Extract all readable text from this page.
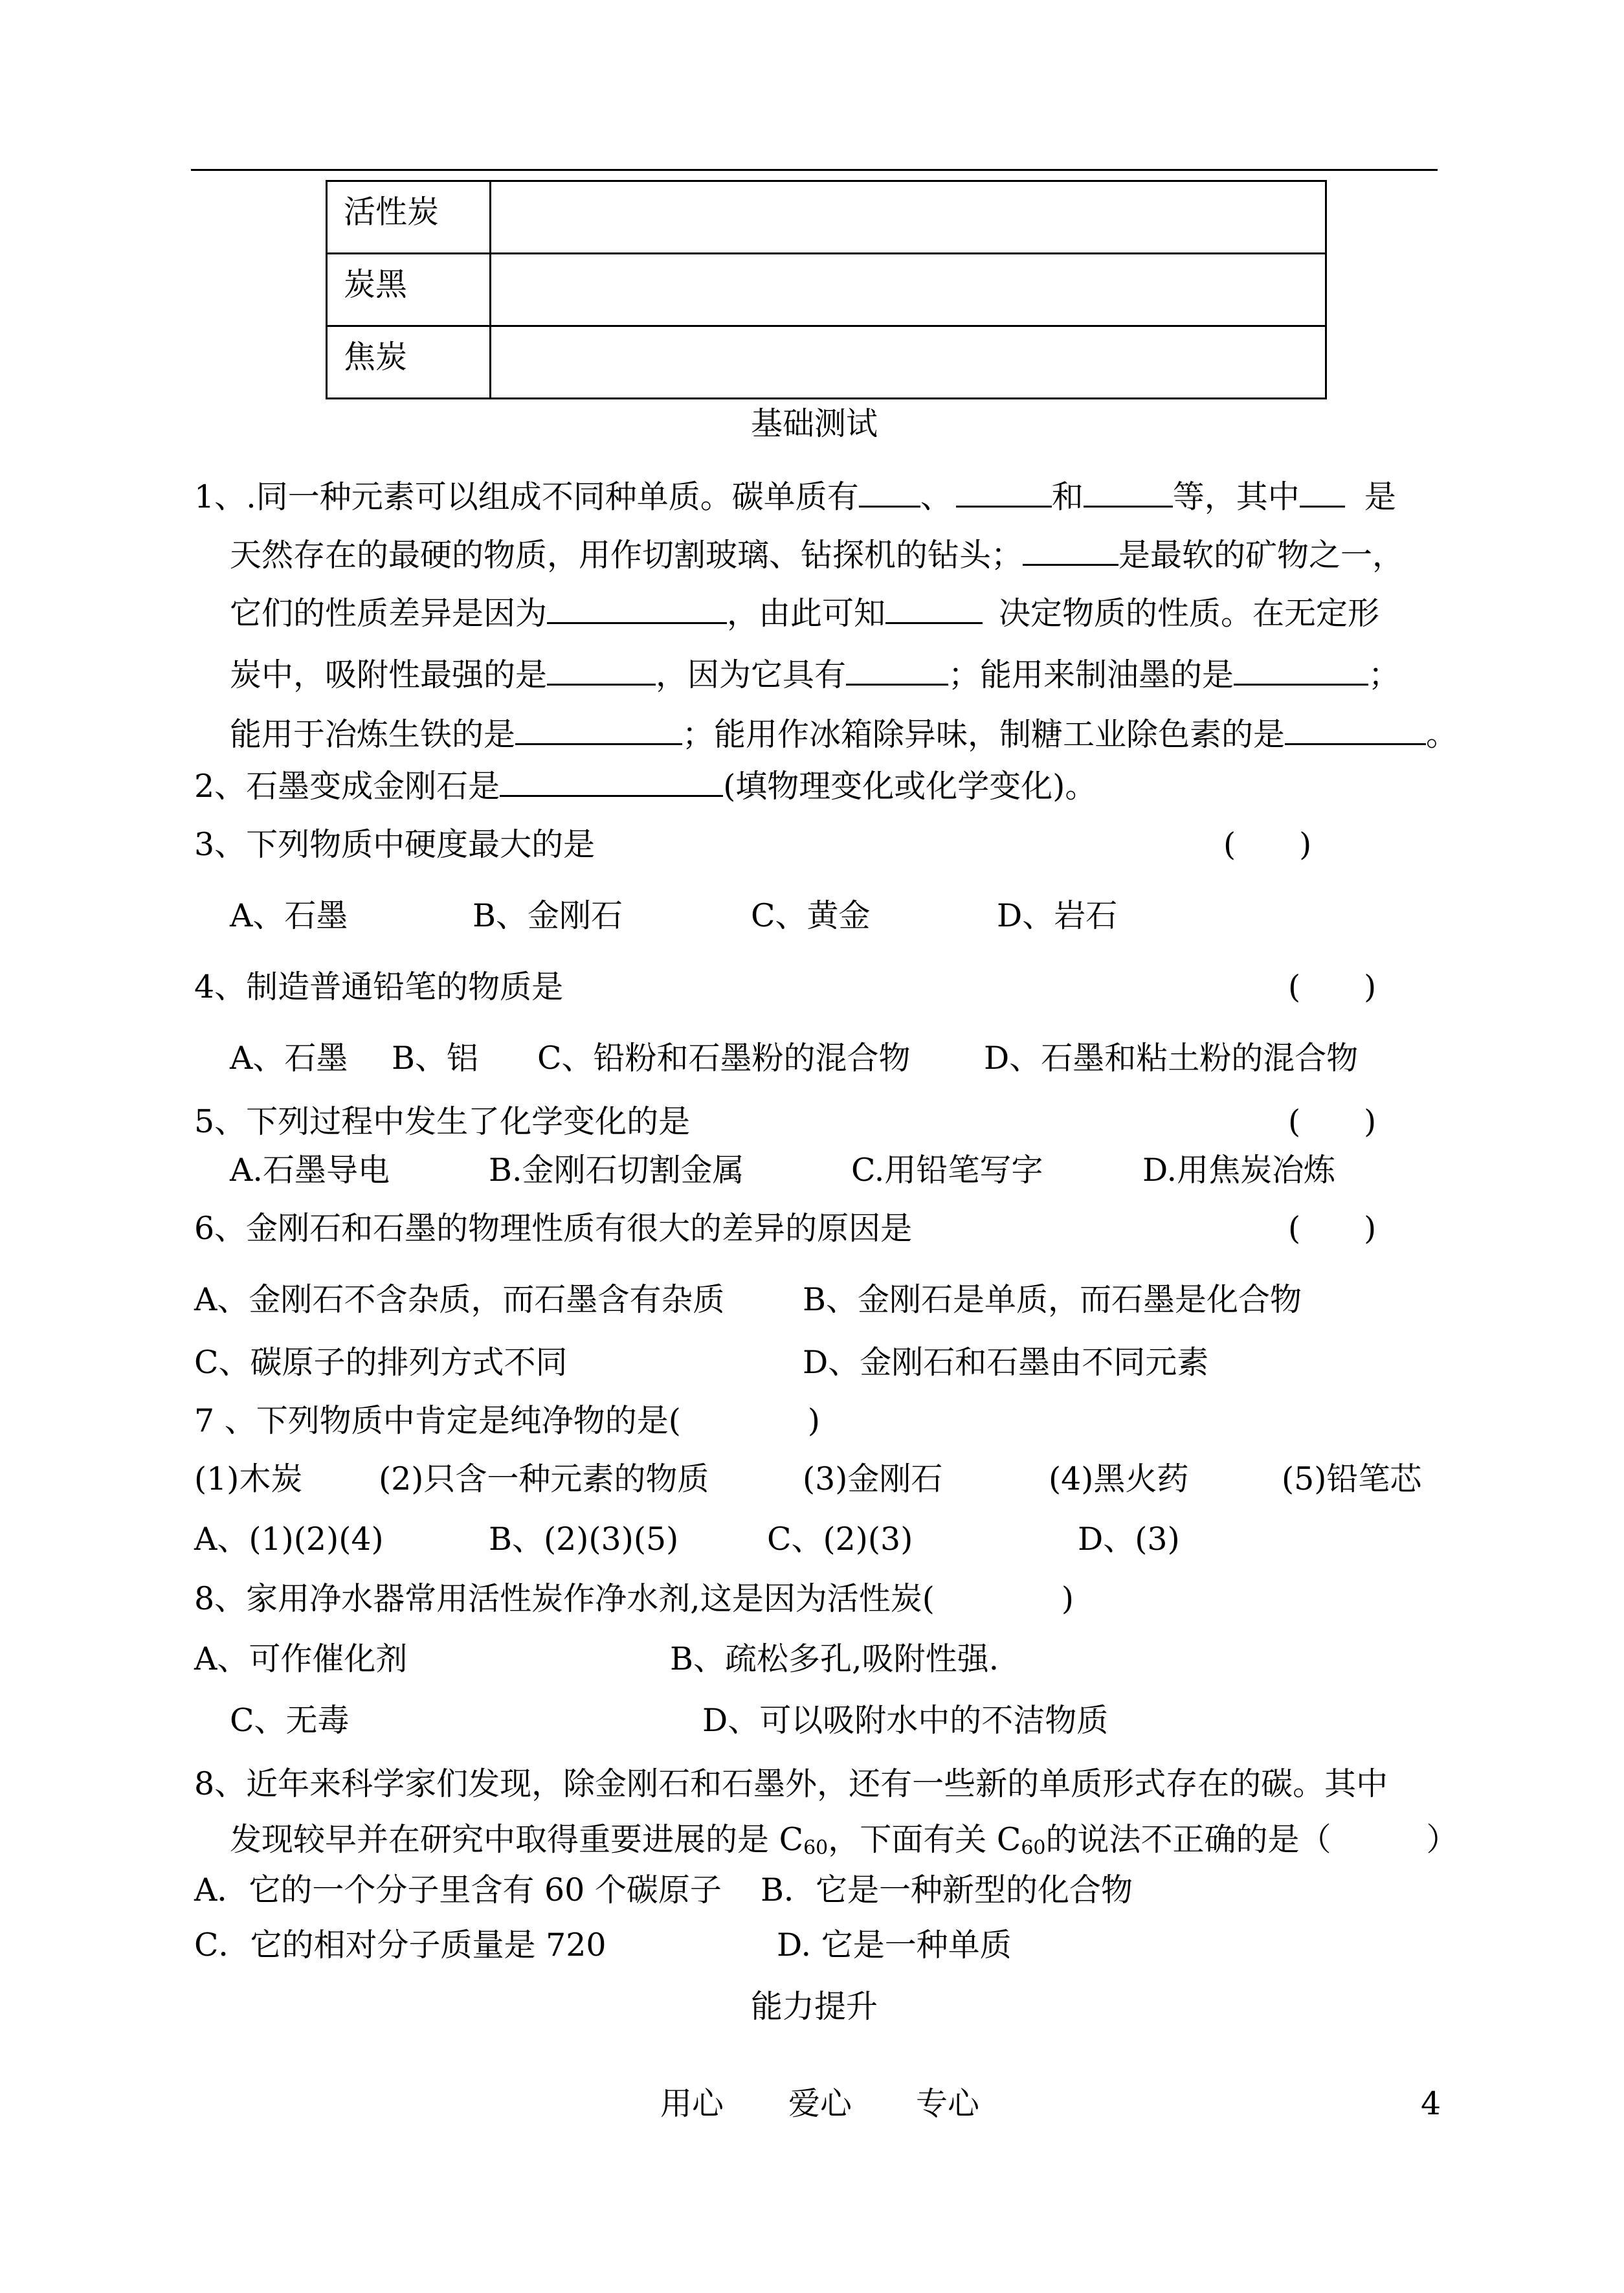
活性炭	
炭黑	
焦炭	
基础测试
1、.同一种元素可以组成不同种单质。碳单质有 、	和	等，其中 是
天然存在的最硬的物质，用作切割玻璃、钻探机的钻头；	是最软的矿物之一，
它们的性质差异是因为	，由此可知	决定物质的性质。在无定形
炭中，吸附性最强的是	，因为它具有	；能用来制油墨的是	；
能用于冶炼生铁的是	；能用作冰箱除异味，制糖工业除色素的是	。
2、石墨变成金刚石是	(填物理变化或化学变化)。
3、下列物质中硬度最大的是	(　　)
A、石墨	B、金刚石	C、黄金	D、岩石
4、制造普通铅笔的物质是	(　　)
A、石墨 B、铝 C、铅粉和石墨粉的混合物 D、石墨和粘土粉的混合物
5、下列过程中发生了化学变化的是	(　　)
A.石墨导电	B.金刚石切割金属	C.用铅笔写字	D.用焦炭冶炼
6、金刚石和石墨的物理性质有很大的差异的原因是	(　　)
A、金刚石不含杂质，而石墨含有杂质 B、金刚石是单质，而石墨是化合物
C、碳原子的排列方式不同	D、金刚石和石墨由不同元素
7 、下列物质中肯定是纯净物的是(　　　　)
(1)木炭 (2)只含一种元素的物质	(3)金刚石	(4)黑火药	(5)铅笔芯
A、(1)(2)(4)	B、(2)(3)(5)	C、(2)(3)	D、(3)
8、家用净水器常用活性炭作净水剂,这是因为活性炭(　　　　)
A、可作催化剂	B、疏松多孔,吸附性强.
C、无毒	D、可以吸附水中的不洁物质
8、近年来科学家们发现，除金刚石和石墨外，还有一些新的单质形式存在的碳。其中
发现较早并在研究中取得重要进展的是 $C_{60}$，下面有关 $C_{60}$的说法不正确的是（　　　）
A．它的一个分子里含有 60 个碳原子 B．它是一种新型的化合物
C．它的相对分子质量是 720	D. 它是一种单质
能力提升
用心 爱心 专心	4
